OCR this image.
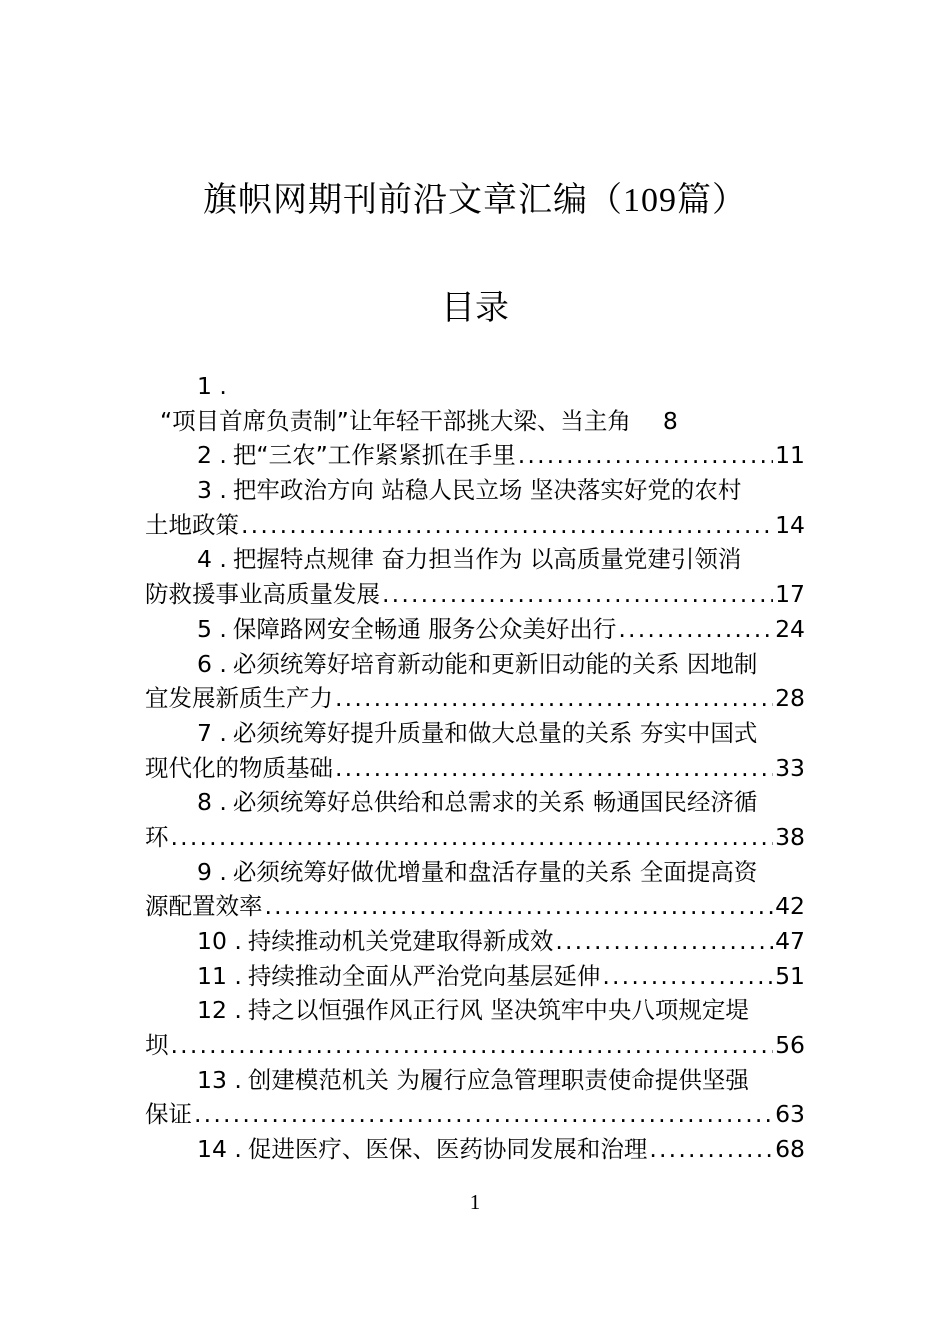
旗帜网期刊前沿文章汇编（109篇）
目录
1 .
“项目首席负责制”让年轻干部挑大梁、当主角 8
2 . 把“三农”工作紧紧抓在手里 .....	11
3 . 把牢政治方向 站稳人民立场 坚决落实好党的农村
土地政策 .....	14
4 . 把握特点规律 奋力担当作为 以高质量党建引领消
防救援事业高质量发展 .....	17
5 . 保障路网安全畅通 服务公众美好出行 .....	24
6 . 必须统筹好培育新动能和更新旧动能的关系 因地制
宜发展新质生产力 .....	28
7 . 必须统筹好提升质量和做大总量的关系 夯实中国式
现代化的物质基础 .....	33
8 . 必须统筹好总供给和总需求的关系 畅通国民经济循
环 .....	38
9 . 必须统筹好做优增量和盘活存量的关系 全面提高资
源配置效率 .....	42
10 . 持续推动机关党建取得新成效 .....	47
11 . 持续推动全面从严治党向基层延伸 .....	51
12 . 持之以恒强作风正行风 坚决筑牢中央八项规定堤
坝 .....	56
13 . 创建模范机关 为履行应急管理职责使命提供坚强
保证 .....	63
14 . 促进医疗、医保、医药协同发展和治理 .....	68
1
